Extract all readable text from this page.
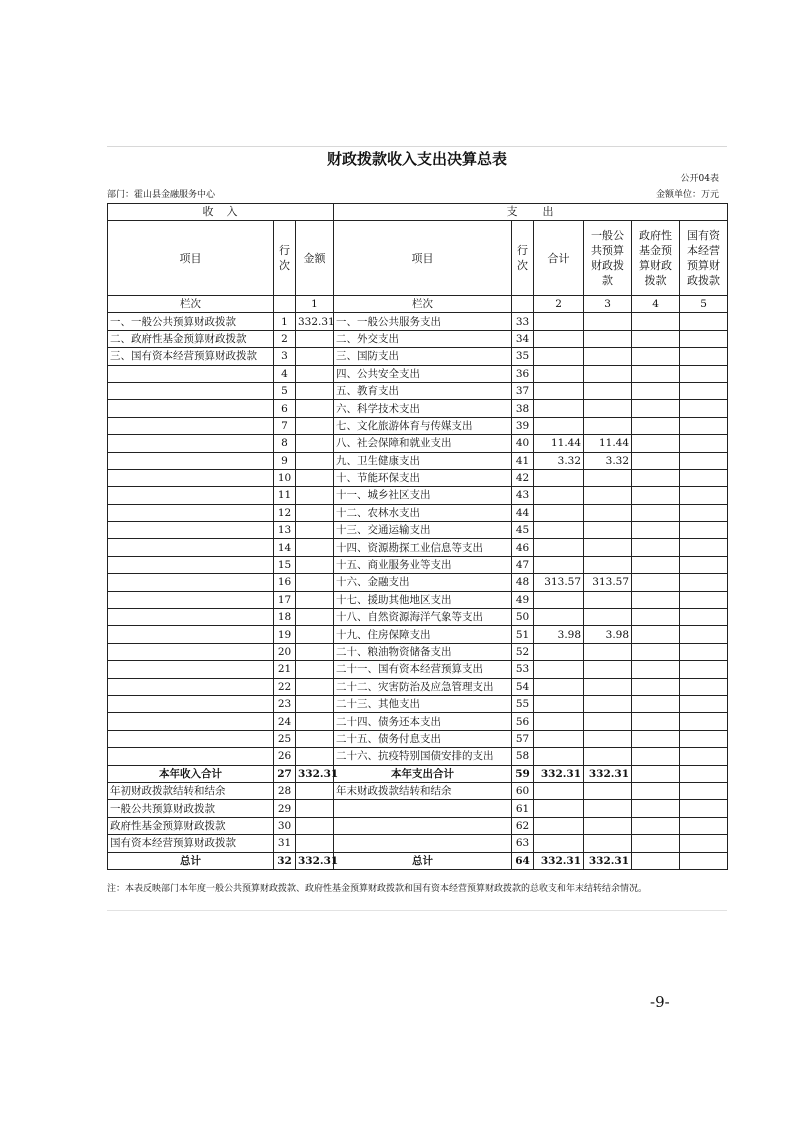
财政拨款收入支出决算总表
公开04表
部门：霍山县金融服务中心	金额单位：万元
收　入			支　　出					
项目	行次	金额	项目	行次	合计	一般公共预算财政拨款	政府性基金预算财政拨款	国有资本经营预算财政拨款
栏次		1	栏次		2	3	4	5
一、一般公共预算财政拨款	1	332.31	一、一般公共服务支出	33				
二、政府性基金预算财政拨款	2		二、外交支出	34				
三、国有资本经营预算财政拨款	3		三、国防支出	35				
	4		四、公共安全支出	36				
	5		五、教育支出	37				
	6		六、科学技术支出	38				
	7		七、文化旅游体育与传媒支出	39				
	8		八、社会保障和就业支出	40	11.44	11.44		
	9		九、卫生健康支出	41	3.32	3.32		
	10		十、节能环保支出	42				
	11		十一、城乡社区支出	43				
	12		十二、农林水支出	44				
	13		十三、交通运输支出	45				
	14		十四、资源勘探工业信息等支出	46				
	15		十五、商业服务业等支出	47				
	16		十六、金融支出	48	313.57	313.57		
	17		十七、援助其他地区支出	49				
	18		十八、自然资源海洋气象等支出	50				
	19		十九、住房保障支出	51	3.98	3.98		
	20		二十、粮油物资储备支出	52				
	21		二十一、国有资本经营预算支出	53				
	22		二十二、灾害防治及应急管理支出	54				
	23		二十三、其他支出	55				
	24		二十四、债务还本支出	56				
	25		二十五、债务付息支出	57				
	26		二十六、抗疫特别国债安排的支出	58				
本年收入合计	27	332.31	本年支出合计	59	332.31	332.31		
年初财政拨款结转和结余	28		年末财政拨款结转和结余	60				
一般公共预算财政拨款	29			61				
政府性基金预算财政拨款	30			62				
国有资本经营预算财政拨款	31			63				
总计	32	332.31	总计	64	332.31	332.31		
注：本表反映部门本年度一般公共预算财政拨款、政府性基金预算财政拨款和国有资本经营预算财政拨款的总收支和年末结转结余情况。
-9-
